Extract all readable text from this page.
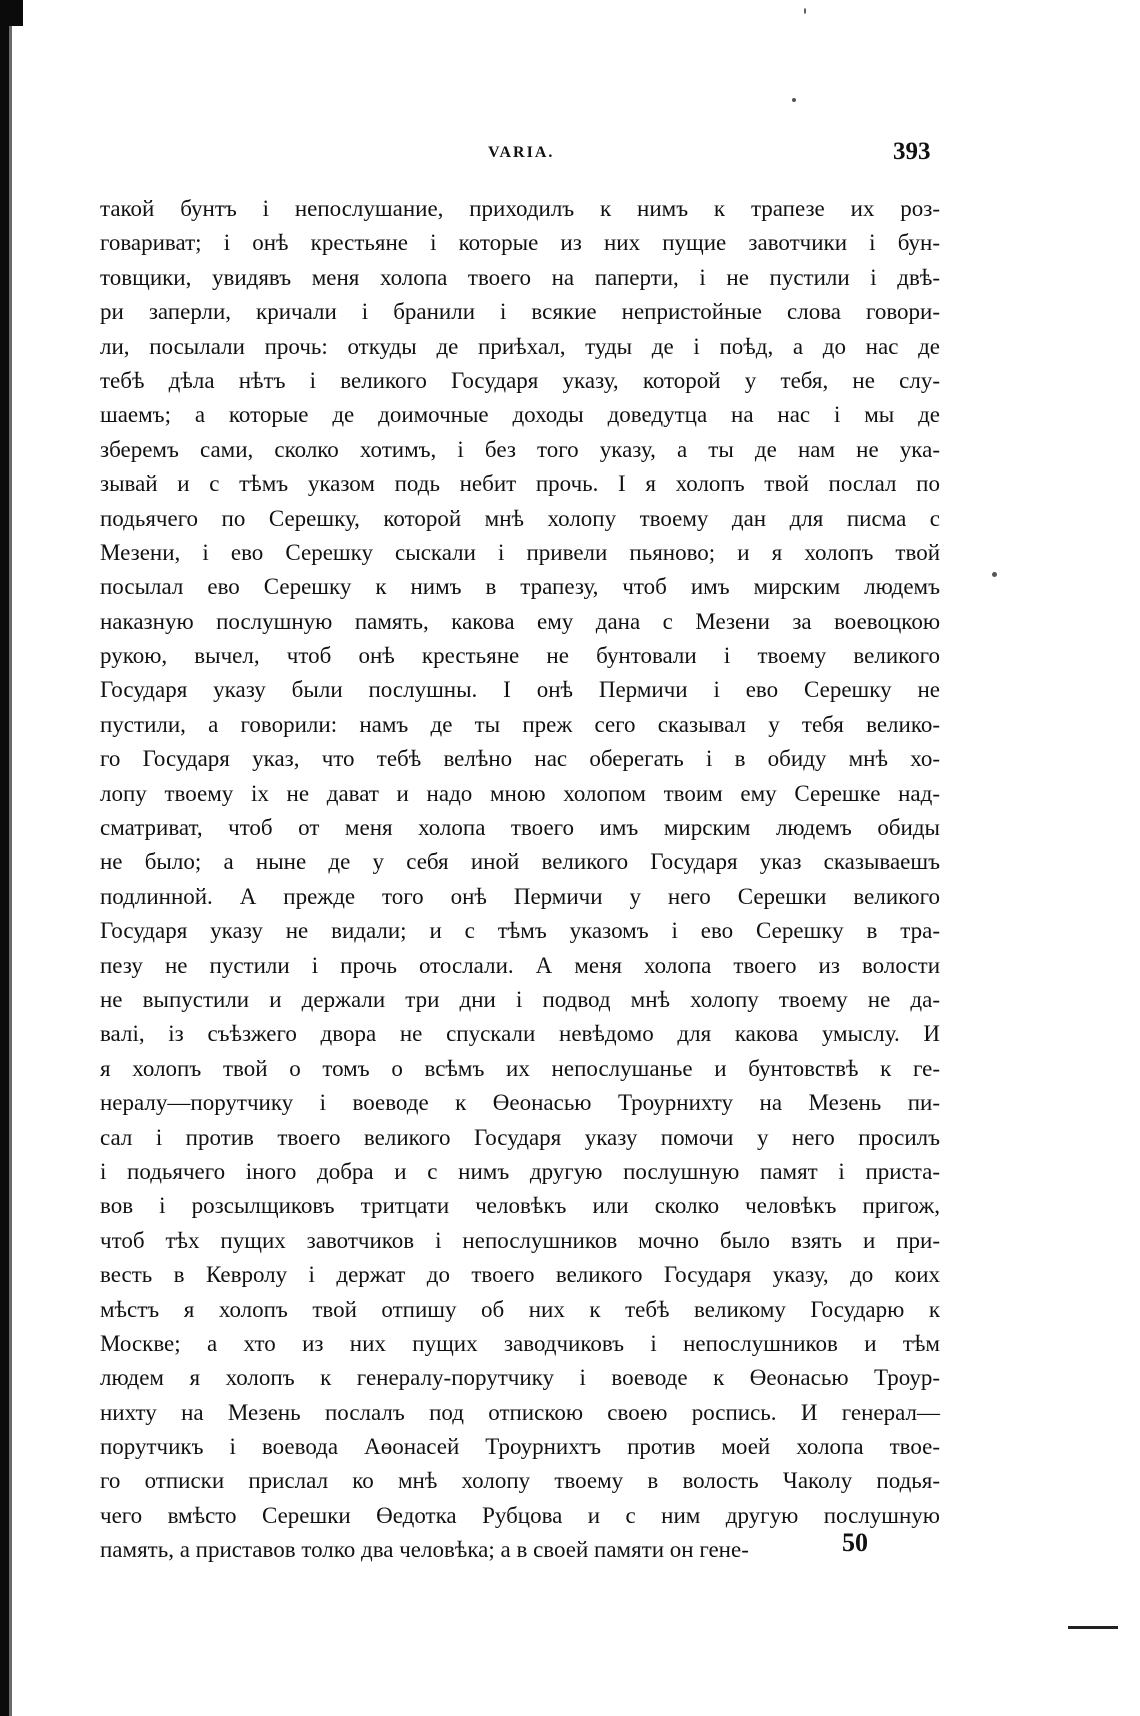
VARIA.	393
такой бунтъ і непослушание, приходилъ к нимъ к трапезе их роз-
говариват; і онѣ крестьяне і которые из них пущие завотчики і бун-
товщики, увидявъ меня холопа твоего на паперти, і не пустили і двѣ-
ри заперли, кричали і бранили і всякие непристойные слова говори-
ли, посылали прочь: откуды де приѣхал, туды де і поѣд, а до нас де
тебѣ дѣла нѣтъ і великого Государя указу, которой у тебя, не слу-
шаемъ; а которые де доимочные доходы доведутца на нас і мы де
зберемъ сами, сколко хотимъ, і без того указу, а ты де нам не ука-
зывай и с тѣмъ указом подь небит прочь. І я холопъ твой послал по
подьячего по Серешку, которой мнѣ холопу твоему дан для писма с
Мезени, і ево Серешку сыскали і привели пьяново; и я холопъ твой
посылал ево Серешку к нимъ в трапезу, чтоб имъ мирским людемъ
наказную послушную память, какова ему дана с Мезени за воевоцкою
рукою, вычел, чтоб онѣ крестьяне не бунтовали і твоему великого
Государя указу были послушны. І онѣ Пермичи і ево Серешку не
пустили, а говорили: намъ де ты преж сего сказывал у тебя велико-
го Государя указ, что тебѣ велѣно нас оберегать і в обиду мнѣ хо-
лопу твоему іх не дават и надо мною холопом твоим ему Серешке над-
сматриват, чтоб от меня холопа твоего имъ мирским людемъ обиды
не было; а ныне де у себя иной великого Государя указ сказываешъ
подлинной. А прежде того онѣ Пермичи у него Серешки великого
Государя указу не видали; и с тѣмъ указомъ і ево Серешку в тра-
пезу не пустили і прочь отослали. А меня холопа твоего из волости
не выпустили и держали три дни і подвод мнѣ холопу твоему не да-
валі, із съѣзжего двора не спускали невѣдомо для какова умыслу. И
я холопъ твой о томъ о всѣмъ их непослушанье и бунтовствѣ к ге-
нералу—порутчику і воеводе к Өеонасью Троурнихту на Мезень пи-
сал і против твоего великого Государя указу помочи у него просилъ
і подьячего іного добра и с нимъ другую послушную памят і приста-
вов і розсылщиковъ тритцати человѣкъ или сколко человѣкъ пригож,
чтоб тѣх пущих завотчиков і непослушников мочно было взять и при-
весть в Кевролу і держат до твоего великого Государя указу, до коих
мѣстъ я холопъ твой отпишу об них к тебѣ великому Государю к
Москве; а хто из них пущих заводчиковъ і непослушников и тѣм
людем я холопъ к генералу-порутчику і воеводе к Өеонасью Троур-
нихту на Мезень послалъ под отпискою своею роспись. И генерал—
порутчикъ і воевода Аөонасей Троурнихтъ против моей холопа твое-
го отписки прислал ко мнѣ холопу твоему в волость Чаколу подья-
чего вмѣсто Серешки Өедотка Рубцова и с ним другую послушную
память, а приставов толко два человѣка; а в своей памяти он гене-	50
